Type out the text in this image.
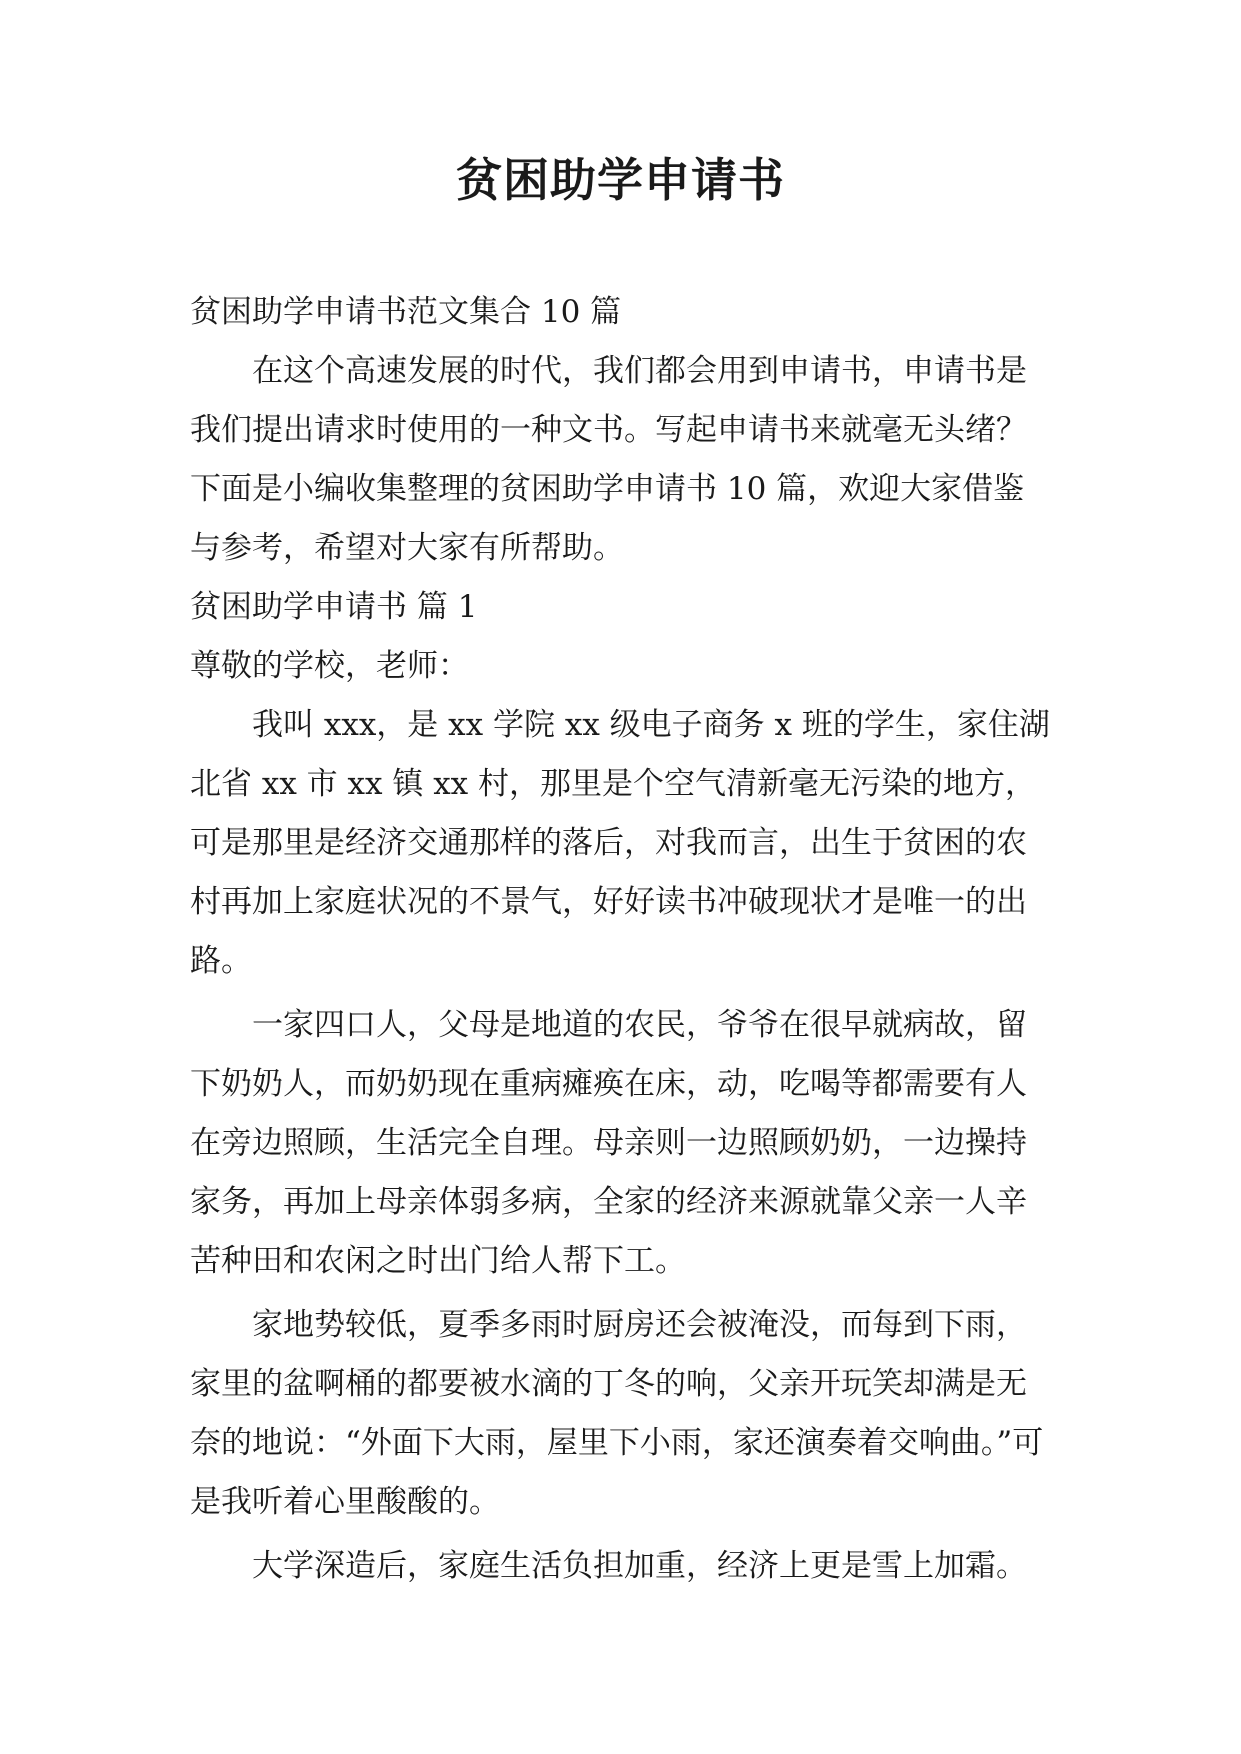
贫困助学申请书

贫困助学申请书范文集合 10 篇

在这个高速发展的时代，我们都会用到申请书，申请书是我们提出请求时使用的一种文书。写起申请书来就毫无头绪？下面是小编收集整理的贫困助学申请书 10 篇，欢迎大家借鉴与参考，希望对大家有所帮助。

贫困助学申请书 篇 1

尊敬的学校，老师：

我叫 xxx，是 xx 学院 xx 级电子商务 x 班的学生，家住湖北省 xx 市 xx 镇 xx 村，那里是个空气清新毫无污染的地方，可是那里是经济交通那样的落后，对我而言，出生于贫困的农村再加上家庭状况的不景气，好好读书冲破现状才是唯一的出路。

一家四口人，父母是地道的农民，爷爷在很早就病故，留下奶奶人，而奶奶现在重病瘫痪在床，动，吃喝等都需要有人在旁边照顾，生活完全自理。母亲则一边照顾奶奶，一边操持家务，再加上母亲体弱多病，全家的经济来源就靠父亲一人辛苦种田和农闲之时出门给人帮下工。

家地势较低，夏季多雨时厨房还会被淹没，而每到下雨，家里的盆啊桶的都要被水滴的丁冬的响，父亲开玩笑却满是无奈的地说：“外面下大雨，屋里下小雨，家还演奏着交响曲。”可是我听着心里酸酸的。

大学深造后，家庭生活负担加重，经济上更是雪上加霜。
